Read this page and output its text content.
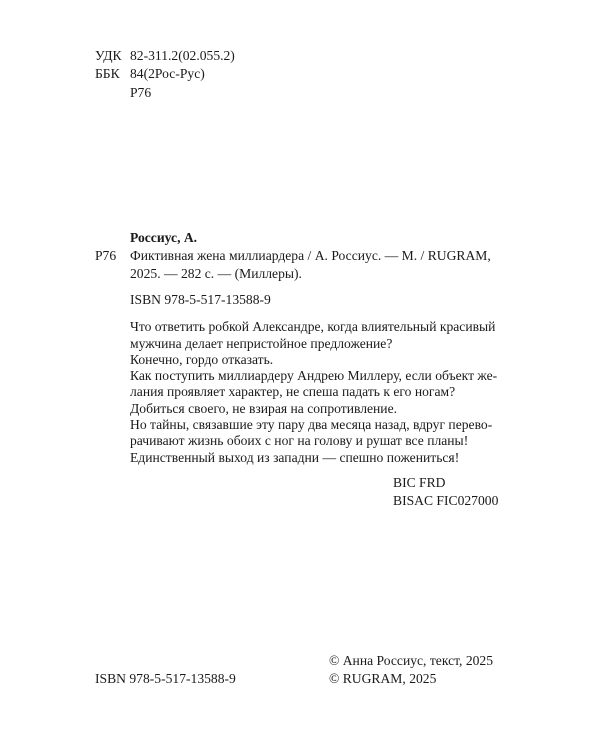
УДК 82-311.2(02.055.2)
ББК 84(2Рос-Рус)
Р76
Россиус, А.
Р76 Фиктивная жена миллиардера / А. Россиус. — М. / RUGRAM,
2025. — 282 с. — (Миллеры).
ISBN 978-5-517-13588-9
Что ответить робкой Александре, когда влиятельный красивый
мужчина делает непристойное предложение?
Конечно, гордо отказать.
Как поступить миллиардеру Андрею Миллеру, если объект же-
лания проявляет характер, не спеша падать к его ногам?
Добиться своего, не взирая на сопротивление.
Но тайны, связавшие эту пару два месяца назад, вдруг перево-
рачивают жизнь обоих с ног на голову и рушат все планы!
Единственный выход из западни — спешно пожениться!
BIC FRD
BISAC FIC027000
ISBN 978-5-517-13588-9
© Анна Россиус, текст, 2025
© RUGRAM, 2025
